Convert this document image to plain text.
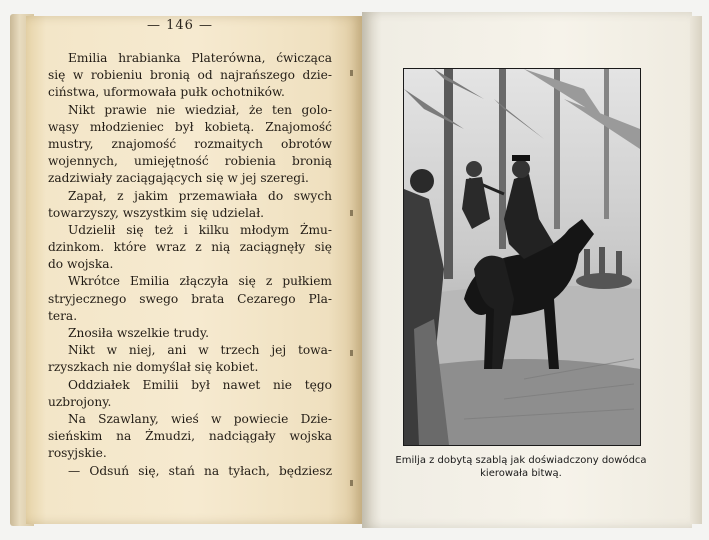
— 146 —
Emilia hrabianka Platerówna, ćwicząca
się w robieniu bronią od najrańszego dzie-
ciństwa, uformowała pułk ochotników.
Nikt prawie nie wiedział, że ten golo-
wąsy młodzieniec był kobietą. Znajomość
mustry, znajomość rozmaitych obrotów
wojennych, umiejętność robienia bronią
zadziwiały zaciągających się w jej szeregi.
Zapał, z jakim przemawiała do swych
towarzyszy, wszystkim się udzielał.
Udzielił się też i kilku młodym Żmu-
dzinkom. które wraz z nią zaciągnęły się
do wojska.
Wkrótce Emilia złączyła się z pułkiem
stryjecznego swego brata Cezarego Pla-
tera.
Znosiła wszelkie trudy.
Nikt w niej, ani w trzech jej towa-
rzyszkach nie domyślał się kobiet.
Oddziałek Emilii był nawet nie tęgo
uzbrojony.
Na Szawlany, wieś w powiecie Dzie-
sieńskim na Żmudzi, nadciągały wojska
rosyjskie.
— Odsuń się, stań na tyłach, będziesz
Emilja z dobytą szablą jak doświadczony dowódca
kierowała bitwą.
